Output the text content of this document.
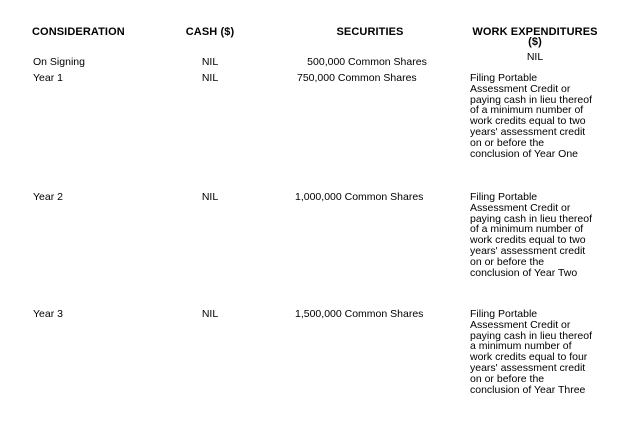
CONSIDERATION	CASH ($)	SECURITIES	WORK EXPENDITURES ($)
On Signing	NIL	500,000 Common Shares	NIL
Year 1	NIL	750,000 Common Shares	Filing Portable
Assessment Credit or
paying cash in lieu thereof
of a minimum number of
work credits equal to two
years' assessment credit
on or before the
conclusion of Year One
Year 2	NIL	1,000,000 Common Shares	Filing Portable
Assessment Credit or
paying cash in lieu thereof
of a minimum number of
work credits equal to two
years' assessment credit
on or before the
conclusion of Year Two
Year 3	NIL	1,500,000 Common Shares	Filing Portable
Assessment Credit or
paying cash in lieu thereof
a minimum number of
work credits equal to four
years' assessment credit
on or before the
conclusion of Year Three
